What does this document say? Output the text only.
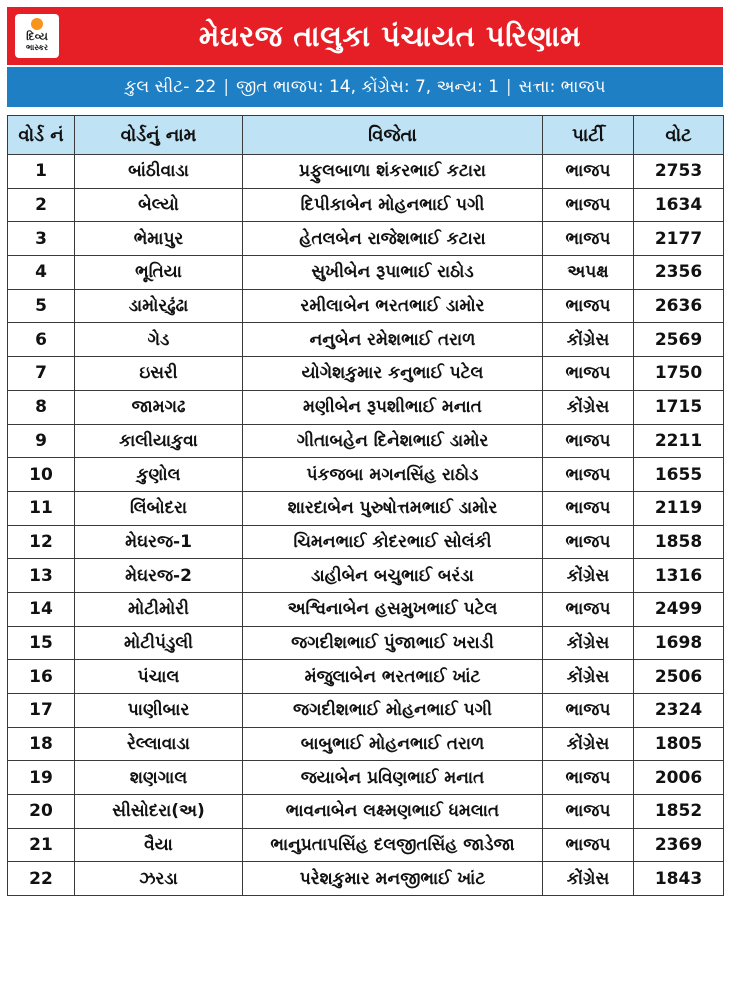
દિવ્ય
ભાસ્કર	મેઘરજ તાલુકા પંચાયત પરિણામ
કુલ સીટ- 22 | જીત ભાજપ: 14, કોંગ્રેસ: 7, અન્ય: 1 | સત્તા: ભાજપ
વોર્ડ નં	વોર્ડનું નામ	વિજેતા	પાર્ટી	વોટ
1	બાંઠીવાડા	પ્રફુલબાળા શંકરભાઈ કટારા	ભાજપ	2753
2	બેલ્યો	દિપીકાબેન મોહનભાઈ પગી	ભાજપ	1634
3	ભેમાપુર	હેતલબેન રાજેશભાઈ કટારા	ભાજપ	2177
4	ભૂતિયા	સુખીબેન રૂપાભાઈ રાઠોડ	અપક્ષ	2356
5	ડામોરઢુંઢા	રમીલાબેન ભરતભાઈ ડામોર	ભાજપ	2636
6	ગેડ	નનુબેન રમેશભાઈ તરાળ	કોંગ્રેસ	2569
7	ઇસરી	યોગેશકુમાર કનુભાઈ પટેલ	ભાજપ	1750
8	જામગઢ	મણીબેન રૂપશીભાઈ મનાત	કોંગ્રેસ	1715
9	કાલીયાકુવા	ગીતાબહેન દિનેશભાઈ ડામોર	ભાજપ	2211
10	કુણોલ	પંકજબા મગનસિંહ રાઠોડ	ભાજપ	1655
11	લિંબોદરા	શારદાબેન પુરુષોત્તમભાઈ ડામોર	ભાજપ	2119
12	મેઘરજ-1	ચિમનભાઈ કોદરભાઈ સોલંકી	ભાજપ	1858
13	મેઘરજ-2	ડાહીબેન બચુભાઈ બરંડા	કોંગ્રેસ	1316
14	મોટીમોરી	અશ્વિનાબેન હસમુખભાઈ પટેલ	ભાજપ	2499
15	મોટીપંડુલી	જગદીશભાઈ પુંજાભાઈ ખરાડી	કોંગ્રેસ	1698
16	પંચાલ	મંજુલાબેન ભરતભાઈ ખાંટ	કોંગ્રેસ	2506
17	પાણીબાર	જગદીશભાઈ મોહનભાઈ પગી	ભાજપ	2324
18	રેલ્લાવાડા	બાબુભાઈ મોહનભાઈ તરાળ	કોંગ્રેસ	1805
19	શણગાલ	જયાબેન પ્રવિણભાઈ મનાત	ભાજપ	2006
20	સીસોદરા(અ)	ભાવનાબેન લક્ષ્મણભાઈ ધમલાત	ભાજપ	1852
21	વૈયા	ભાનુપ્રતાપસિંહ દલજીતસિંહ જાડેજા	ભાજપ	2369
22	ઝરડા	પરેશકુમાર મનજીભાઈ ખાંટ	કોંગ્રેસ	1843
